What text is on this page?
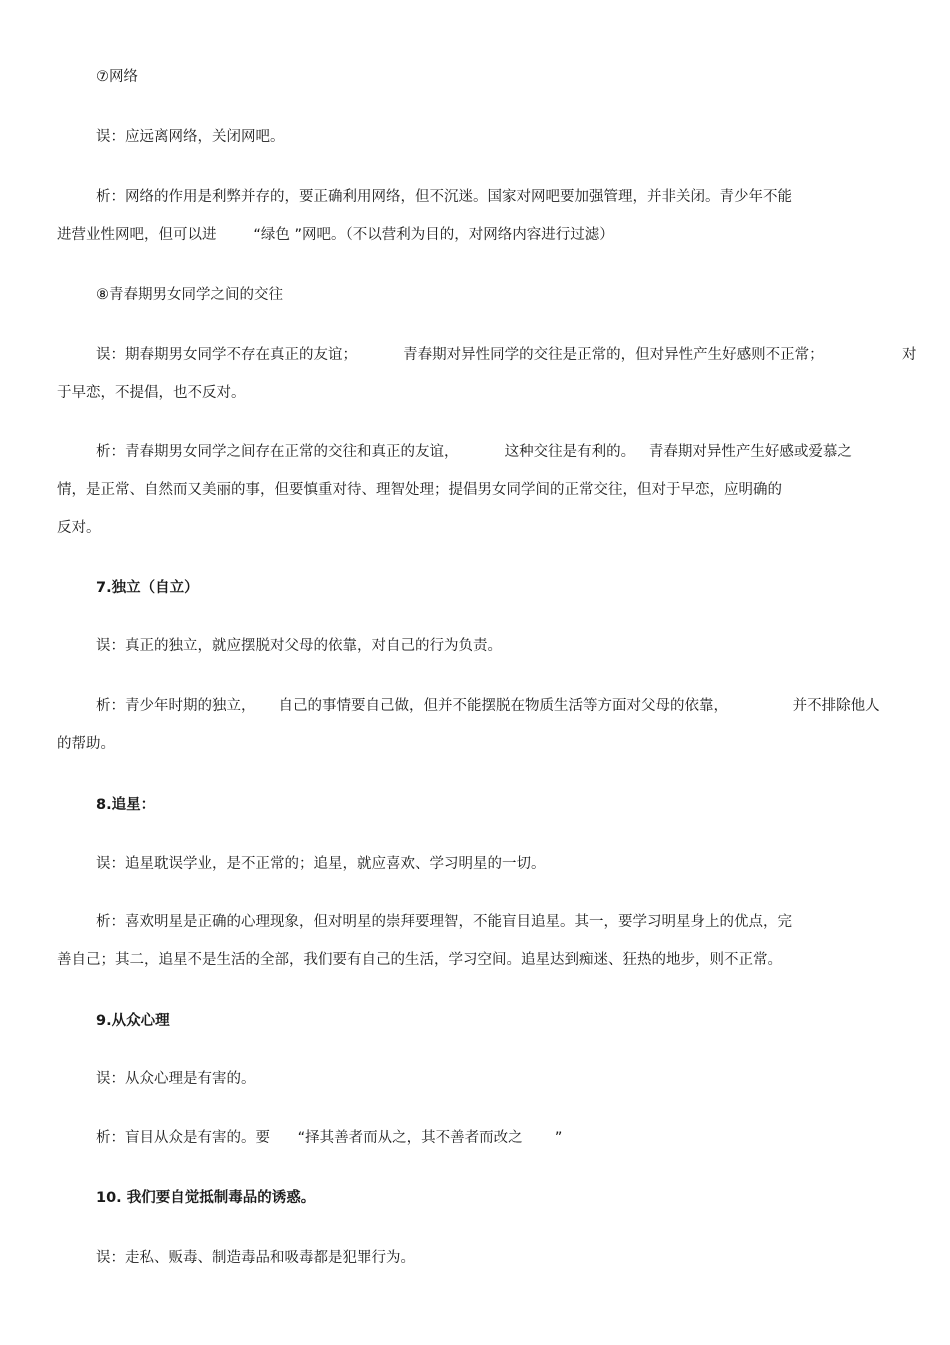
⑦网络

误：应远离网络，关闭网吧。

析：网络的作用是利弊并存的，要正确利用网络，但不沉迷。国家对网吧要加强管理，并非关闭。青少年不能

进营业性网吧，但可以进        “绿色 ”网吧。（不以营利为目的，对网络内容进行过滤）

⑧青春期男女同学之间的交往

误：期春期男女同学不存在真正的友谊；          青春期对异性同学的交往是正常的，但对异性产生好感则不正常；                 对

于早恋，不提倡，也不反对。

析：青春期男女同学之间存在正常的交往和真正的友谊，          这种交往是有利的。   青春期对异性产生好感或爱慕之

情，是正常、自然而又美丽的事，但要慎重对待、理智处理；提倡男女同学间的正常交往，但对于早恋，应明确的

反对。

7.独立（自立）

误：真正的独立，就应摆脱对父母的依靠，对自己的行为负责。

析：青少年时期的独立，     自己的事情要自己做，但并不能摆脱在物质生活等方面对父母的依靠，              并不排除他人

的帮助。

8.追星：

误：追星耽误学业，是不正常的；追星，就应喜欢、学习明星的一切。

析：喜欢明星是正确的心理现象，但对明星的崇拜要理智，不能盲目追星。其一，要学习明星身上的优点，完

善自己；其二，追星不是生活的全部，我们要有自己的生活，学习空间。追星达到痴迷、狂热的地步，则不正常。

9.从众心理

误：从众心理是有害的。

析：盲目从众是有害的。要      “择其善者而从之，其不善者而改之       ”

10. 我们要自觉抵制毒品的诱惑。

误：走私、贩毒、制造毒品和吸毒都是犯罪行为。
